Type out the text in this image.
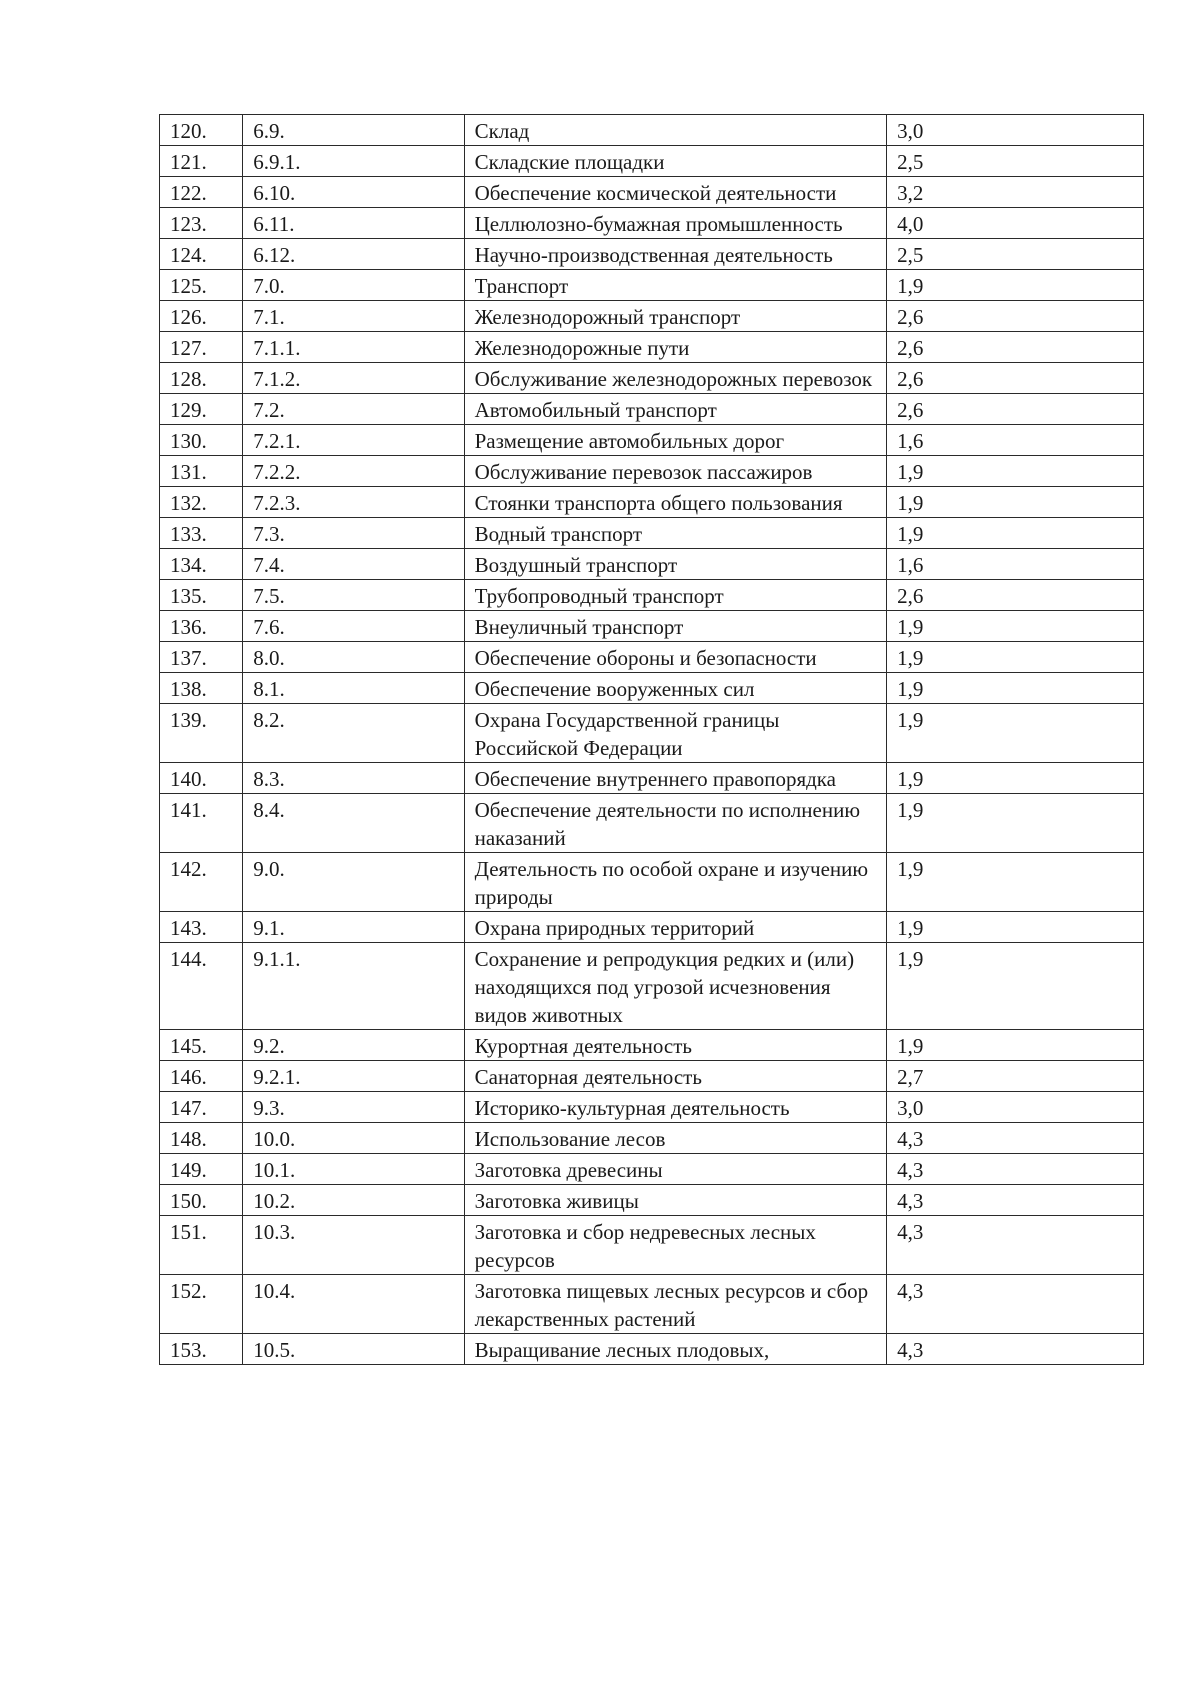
120.	6.9.	Склад	3,0
121.	6.9.1.	Складские площадки	2,5
122.	6.10.	Обеспечение космической деятельности	3,2
123.	6.11.	Целлюлозно-бумажная промышленность	4,0
124.	6.12.	Научно-производственная деятельность	2,5
125.	7.0.	Транспорт	1,9
126.	7.1.	Железнодорожный транспорт	2,6
127.	7.1.1.	Железнодорожные пути	2,6
128.	7.1.2.	Обслуживание железнодорожных перевозок	2,6
129.	7.2.	Автомобильный транспорт	2,6
130.	7.2.1.	Размещение автомобильных дорог	1,6
131.	7.2.2.	Обслуживание перевозок пассажиров	1,9
132.	7.2.3.	Стоянки транспорта общего пользования	1,9
133.	7.3.	Водный транспорт	1,9
134.	7.4.	Воздушный транспорт	1,6
135.	7.5.	Трубопроводный транспорт	2,6
136.	7.6.	Внеуличный транспорт	1,9
137.	8.0.	Обеспечение обороны и безопасности	1,9
138.	8.1.	Обеспечение вооруженных сил	1,9
139.	8.2.	Охрана Государственной границы Российской Федерации	1,9
140.	8.3.	Обеспечение внутреннего правопорядка	1,9
141.	8.4.	Обеспечение деятельности по исполнению наказаний	1,9
142.	9.0.	Деятельность по особой охране и изучению природы	1,9
143.	9.1.	Охрана природных территорий	1,9
144.	9.1.1.	Сохранение и репродукция редких и (или) находящихся под угрозой исчезновения видов животных	1,9
145.	9.2.	Курортная деятельность	1,9
146.	9.2.1.	Санаторная деятельность	2,7
147.	9.3.	Историко-культурная деятельность	3,0
148.	10.0.	Использование лесов	4,3
149.	10.1.	Заготовка древесины	4,3
150.	10.2.	Заготовка живицы	4,3
151.	10.3.	Заготовка и сбор недревесных лесных ресурсов	4,3
152.	10.4.	Заготовка пищевых лесных ресурсов и сбор лекарственных растений	4,3
153.	10.5.	Выращивание лесных плодовых,	4,3
